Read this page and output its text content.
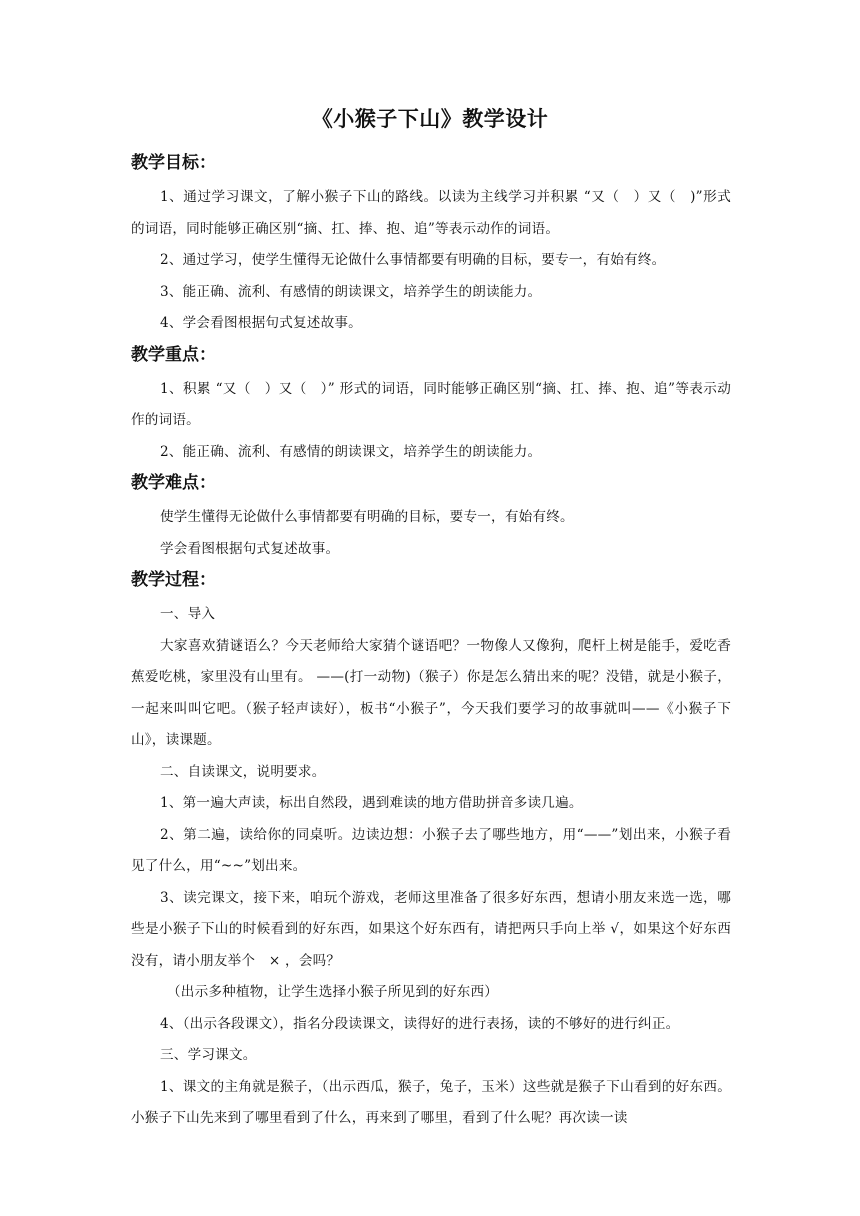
《小猴子下山》教学设计

教学目标：

1、通过学习课文，了解小猴子下山的路线。以读为主线学习并积累 “又（　）又（　)”形式的词语，同时能够正确区别“摘、扛、捧、抱、追”等表示动作的词语。

2、通过学习，使学生懂得无论做什么事情都要有明确的目标，要专一，有始有终。

3、能正确、流利、有感情的朗读课文，培养学生的朗读能力。

4、学会看图根据句式复述故事。

教学重点：

1、积累 “又（　）又（　）” 形式的词语，同时能够正确区别“摘、扛、捧、抱、追”等表示动作的词语。

2、能正确、流利、有感情的朗读课文，培养学生的朗读能力。

教学难点：

使学生懂得无论做什么事情都要有明确的目标，要专一，有始有终。

学会看图根据句式复述故事。

教学过程：

一、导入

大家喜欢猜谜语么？今天老师给大家猜个谜语吧？一物像人又像狗，爬杆上树是能手，爱吃香蕉爱吃桃，家里没有山里有。 ——(打一动物)（猴子）你是怎么猜出来的呢？没错，就是小猴子，一起来叫叫它吧。（猴子轻声读好），板书“小猴子”，今天我们要学习的故事就叫——《小猴子下山》，读课题。

二、自读课文，说明要求。

1、第一遍大声读，标出自然段，遇到难读的地方借助拼音多读几遍。

2、第二遍，读给你的同桌听。边读边想：小猴子去了哪些地方，用“——”划出来，小猴子看见了什么，用“~~”划出来。

3、读完课文，接下来，咱玩个游戏，老师这里准备了很多好东西，想请小朋友来选一选，哪些是小猴子下山的时候看到的好东西，如果这个好东西有，请把两只手向上举 √，如果这个好东西没有，请小朋友举个　× ，会吗？

（出示多种植物，让学生选择小猴子所见到的好东西）

4、（出示各段课文），指名分段读课文，读得好的进行表扬，读的不够好的进行纠正。

三、学习课文。

1、课文的主角就是猴子，（出示西瓜，猴子，兔子，玉米）这些就是猴子下山看到的好东西。小猴子下山先来到了哪里看到了什么，再来到了哪里，看到了什么呢？再次读一读
